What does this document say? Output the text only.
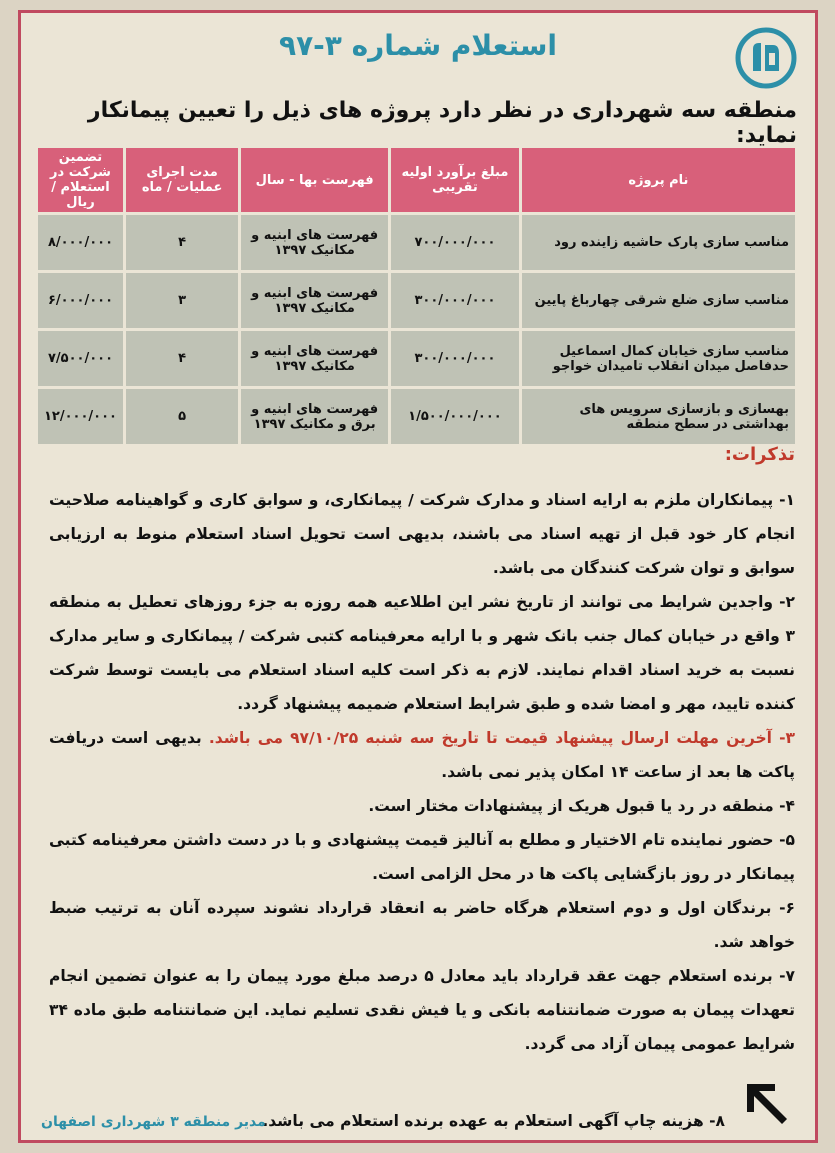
استعلام شماره ۳-۹۷
منطقه سه شهرداری در نظر دارد پروژه های ذیل را تعیین پیمانکار نماید:
نام پروژه	مبلغ برآورد اولیه تقریبی	فهرست بها - سال	مدت اجرای عملیات / ماه	تضمین شرکت در استعلام / ریال
مناسب سازی پارک حاشیه زاینده رود	۷۰۰/۰۰۰/۰۰۰	فهرست های ابنیه و مکانیک ۱۳۹۷	۴	۸/۰۰۰/۰۰۰
مناسب سازی ضلع شرقی چهارباغ پایین	۳۰۰/۰۰۰/۰۰۰	فهرست های ابنیه و مکانیک ۱۳۹۷	۳	۶/۰۰۰/۰۰۰
مناسب سازی خیابان کمال اسماعیل حدفاصل میدان انقلاب تامیدان خواجو	۳۰۰/۰۰۰/۰۰۰	فهرست های ابنیه و مکانیک ۱۳۹۷	۴	۷/۵۰۰/۰۰۰
بهسازی و بازسازی سرویس های بهداشتی در سطح منطقه	۱/۵۰۰/۰۰۰/۰۰۰	فهرست های ابنیه و برق و مکانیک ۱۳۹۷	۵	۱۲/۰۰۰/۰۰۰
تذکرات:

۱- پیمانکاران ملزم به ارایه اسناد و مدارک شرکت / پیمانکاری، و سوابق کاری و گواهینامه صلاحیت انجام کار خود قبل از تهیه اسناد می باشند، بدیهی است تحویل اسناد استعلام منوط به ارزیابی سوابق و توان شرکت کنندگان می باشد.

۲- واجدین شرایط می توانند از تاریخ نشر این اطلاعیه همه روزه به جزء روزهای تعطیل به منطقه ۳ واقع در خیابان کمال جنب بانک شهر و با ارایه معرفینامه کتبی شرکت / پیمانکاری و سایر مدارک نسبت به خرید اسناد اقدام نمایند. لازم به ذکر است کلیه اسناد استعلام می بایست توسط شرکت کننده تایید، مهر و امضا شده و طبق شرایط استعلام ضمیمه پیشنهاد گردد.

۳- آخرین مهلت ارسال پیشنهاد قیمت تا تاریخ سه شنبه ۹۷/۱۰/۲۵ می باشد. بدیهی است دریافت پاکت ها بعد از ساعت ۱۴ امکان پذیر نمی باشد.

۴- منطقه در رد یا قبول هریک از پیشنهادات مختار است.

۵- حضور نماینده تام الاختیار و مطلع به آنالیز قیمت پیشنهادی و با در دست داشتن معرفینامه کتبی پیمانکار در روز بازگشایی پاکت ها در محل الزامی است.

۶- برندگان اول و دوم استعلام هرگاه حاضر به انعقاد قرارداد نشوند سپرده آنان به ترتیب ضبط خواهد شد.

۷- برنده استعلام جهت عقد قرارداد باید معادل ۵ درصد مبلغ مورد پیمان را به عنوان تضمین انجام تعهدات پیمان به صورت ضمانتنامه بانکی و یا فیش نقدی تسلیم نماید. این ضمانتنامه طبق ماده ۳۴ شرایط عمومی پیمان آزاد می گردد.

۸- هزینه چاپ آگهی استعلام به عهده برنده استعلام می باشد.
مدیر منطقه ۳ شهرداری اصفهان
